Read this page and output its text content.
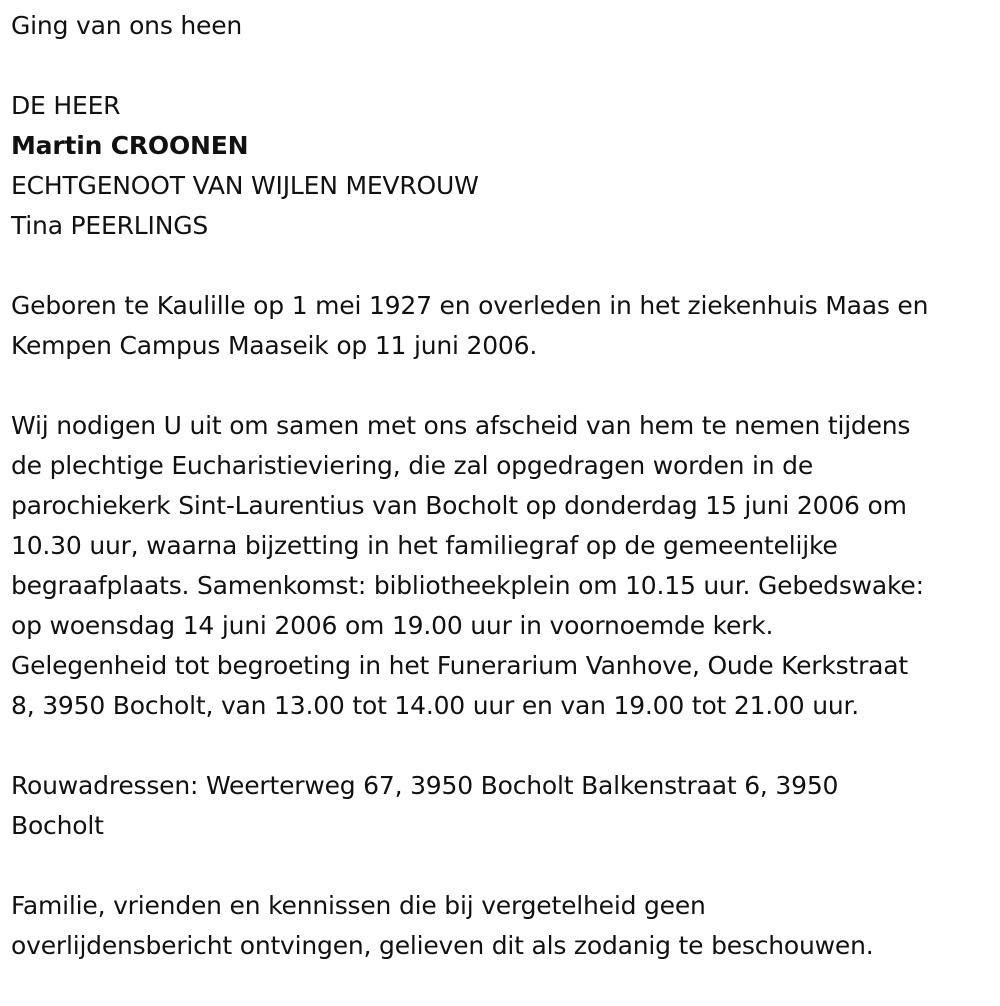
Ging van ons heen
DE HEER
Martin CROONEN
ECHTGENOOT VAN WIJLEN MEVROUW
Tina PEERLINGS
Geboren te Kaulille op 1 mei 1927 en overleden in het ziekenhuis Maas en
Kempen Campus Maaseik op 11 juni 2006.
Wij nodigen U uit om samen met ons afscheid van hem te nemen tijdens
de plechtige Eucharistieviering, die zal opgedragen worden in de
parochiekerk Sint-Laurentius van Bocholt op donderdag 15 juni 2006 om
10.30 uur, waarna bijzetting in het familiegraf op de gemeentelijke
begraafplaats. Samenkomst: bibliotheekplein om 10.15 uur. Gebedswake:
op woensdag 14 juni 2006 om 19.00 uur in voornoemde kerk.
Gelegenheid tot begroeting in het Funerarium Vanhove, Oude Kerkstraat
8, 3950 Bocholt, van 13.00 tot 14.00 uur en van 19.00 tot 21.00 uur.
Rouwadressen: Weerterweg 67, 3950 Bocholt Balkenstraat 6, 3950
Bocholt
Familie, vrienden en kennissen die bij vergetelheid geen
overlijdensbericht ontvingen, gelieven dit als zodanig te beschouwen.
